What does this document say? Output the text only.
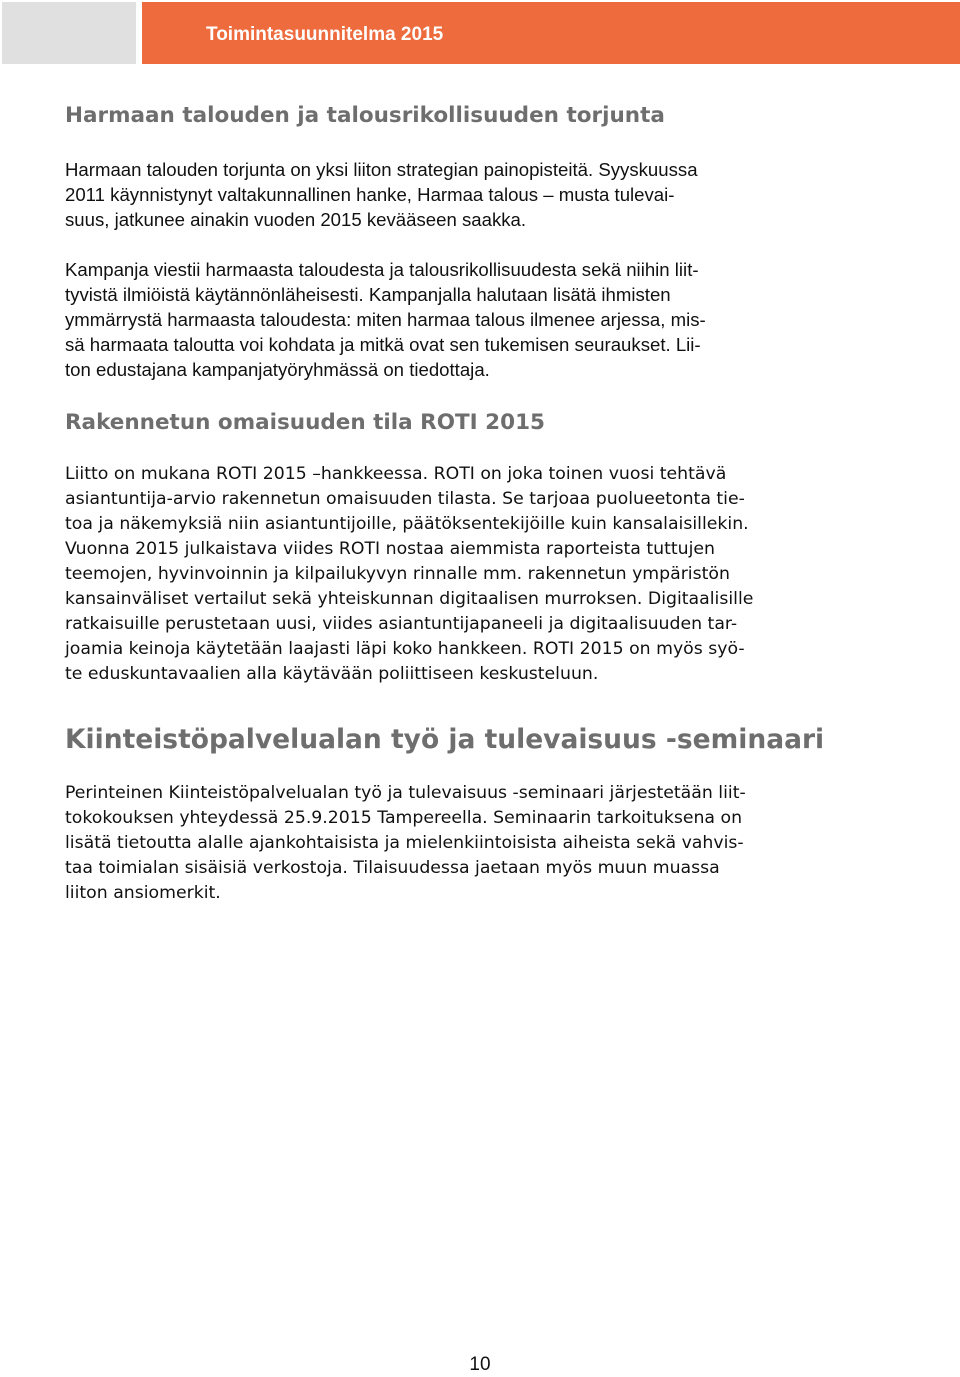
Toimintasuunnitelma 2015

Harmaan talouden ja talousrikollisuuden torjunta
Harmaan talouden torjunta on yksi liiton strategian painopisteitä. Syyskuussa
2011 käynnistynyt valtakunnallinen hanke, Harmaa talous – musta tulevai-
suus, jatkunee ainakin vuoden 2015 kevääseen saakka.
Kampanja viestii harmaasta taloudesta ja talousrikollisuudesta sekä niihin liit-
tyvistä ilmiöistä käytännönläheisesti. Kampanjalla halutaan lisätä ihmisten
ymmärrystä harmaasta taloudesta: miten harmaa talous ilmenee arjessa, mis-
sä harmaata taloutta voi kohdata ja mitkä ovat sen tukemisen seuraukset. Lii-
ton edustajana kampanjatyöryhmässä on tiedottaja.
Rakennetun omaisuuden tila ROTI 2015
Liitto on mukana ROTI 2015 –hankkeessa. ROTI on joka toinen vuosi tehtävä
asiantuntija-arvio rakennetun omaisuuden tilasta. Se tarjoaa puolueetonta tie-
toa ja näkemyksiä niin asiantuntijoille, päätöksentekijöille kuin kansalaisillekin.
Vuonna 2015 julkaistava viides ROTI nostaa aiemmista raporteista tuttujen
teemojen, hyvinvoinnin ja kilpailukyvyn rinnalle mm. rakennetun ympäristön
kansainväliset vertailut sekä yhteiskunnan digitaalisen murroksen. Digitaalisille
ratkaisuille perustetaan uusi, viides asiantuntijapaneeli ja digitaalisuuden tar-
joamia keinoja käytetään laajasti läpi koko hankkeen. ROTI 2015 on myös syö-
te eduskuntavaalien alla käytävään poliittiseen keskusteluun.
Kiinteistöpalvelualan työ ja tulevaisuus -seminaari
Perinteinen Kiinteistöpalvelualan työ ja tulevaisuus -seminaari järjestetään liit-
tokokouksen yhteydessä 25.9.2015 Tampereella. Seminaarin tarkoituksena on
lisätä tietoutta alalle ajankohtaisista ja mielenkiintoisista aiheista sekä vahvis-
taa toimialan sisäisiä verkostoja. Tilaisuudessa jaetaan myös muun muassa
liiton ansiomerkit.

10
